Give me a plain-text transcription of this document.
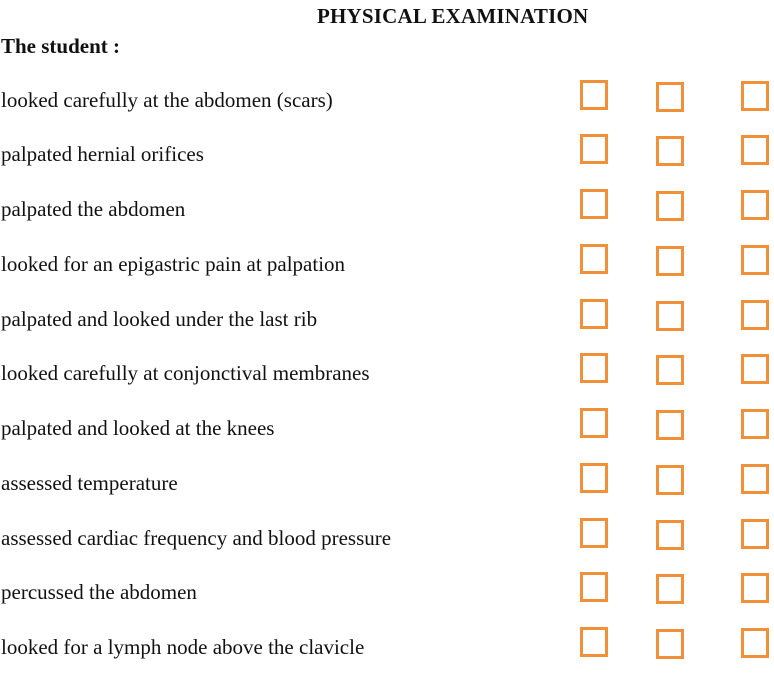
PHYSICAL EXAMINATION
The student :
looked carefully at the abdomen (scars)
palpated hernial orifices
palpated the abdomen
looked for an epigastric pain at palpation
palpated and looked under the last rib
looked carefully at conjonctival membranes
palpated and looked at the knees
assessed temperature
assessed cardiac frequency and blood pressure
percussed the abdomen
looked for a lymph node above the clavicle
